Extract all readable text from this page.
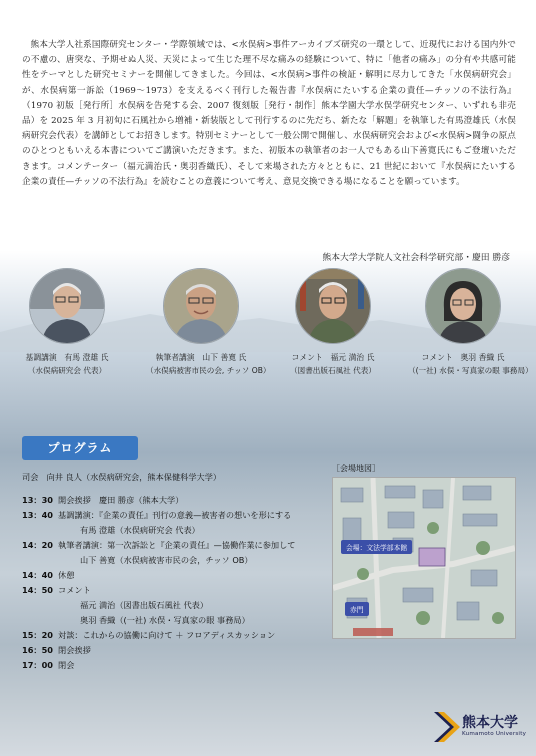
熊本大学人社系国際研究センター・学際領域では、<水俣病>事件アーカイブズ研究の一環として、近現代における国内外での不慮の、唐突な、予期せぬ人災、天災によって生じた理不尽な痛みの経験について、特に「他者の痛み」の分有や共感可能性をテーマとした研究セミナーを開催してきました。今回は、<水俣病>事件の検証・解明に尽力してきた「水俣病研究会」が、水俣病第一訴訟（1969〜1973）を支えるべく刊行した報告書『水俣病にたいする企業の責任—チッソの不法行為』（1970 初版［発行所］水俣病を告発する会、2007 復刻版［発行・制作］熊本学園大学水俣学研究センター、いずれも非売品）を 2025 年 3 月初旬に石風社から増補・新装版として刊行するのに先だち、新たな「解題」を執筆した有馬澄雄氏（水俣病研究会代表）を講師としてお招きします。特別セミナーとして一般公開で開催し、水俣病研究会および<水俣病>闘争の原点のひとつともいえる本書についてご講演いただきます。また、初版本の執筆者のお一人でもある山下善寛氏にもご登壇いただきます。コメンテーター（福元満治氏・奥羽香織氏）、そして来場された方々とともに、21 世紀において『水俣病にたいする企業の責任—チッソの不法行為』を読むことの意義について考え、意見交換できる場になることを願っています。
熊本大学大学院人文社会科学研究部・慶田 勝彦
基調講演　有馬 澄雄 氏
（水俣病研究会 代表）
執筆者講演　山下 善寛 氏
（水俣病被害市民の会, チッソ OB）
コメント　福元 満治 氏
（図書出版石風社 代表）
コメント　奥羽 香織 氏
（(一社) 水俣・写真家の眼 事務局）
プログラム
司会　向井 良人（水俣病研究会，熊本保健科学大学）
13：30 開会挨拶　慶田 勝彦（熊本大学）
13：40 基調講演：『企業の責任』刊行の意義—被害者の想いを形にする
有馬 澄雄（水俣病研究会 代表）
14：20 執筆者講演：第一次訴訟と『企業の責任』—協働作業に参加して
山下 善寛（水俣病被害市民の会，チッソ OB）
14：40 休憩
14：50 コメント
福元 満治（図書出版石風社 代表）
奥羽 香織（(一社) 水俣・写真家の眼 事務局）
15：20 対談：これからの協働に向けて ＋ フロアディスカッション
16：50 閉会挨拶
17：00 閉会
［会場地図］
会場：文法学部本館
赤門
熊本大学
Kumamoto University
